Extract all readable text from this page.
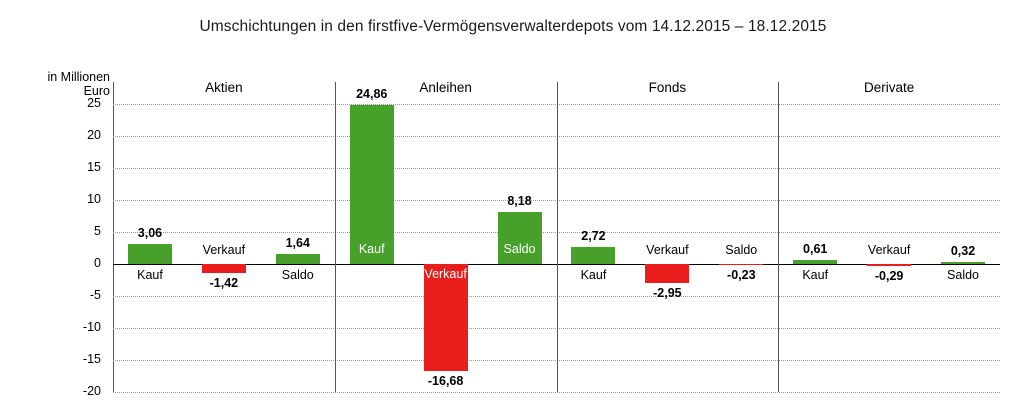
Umschichtungen in den firstfive-Vermögensverwalterdepots vom 14.12.2015 – 18.12.2015
in Millionen
Euro
25
20
15
10
5
0
-5
-10
-15
-20
Aktien
3,06
Kauf
-1,42
Verkauf
1,64
Saldo
Anleihen
24,86
Kauf
-16,68
Verkauf
8,18
Saldo
Fonds
2,72
Kauf
-2,95
Verkauf
-0,23
Saldo
Derivate
0,61
Kauf	-0,29
Verkauf	0,32
Saldo
